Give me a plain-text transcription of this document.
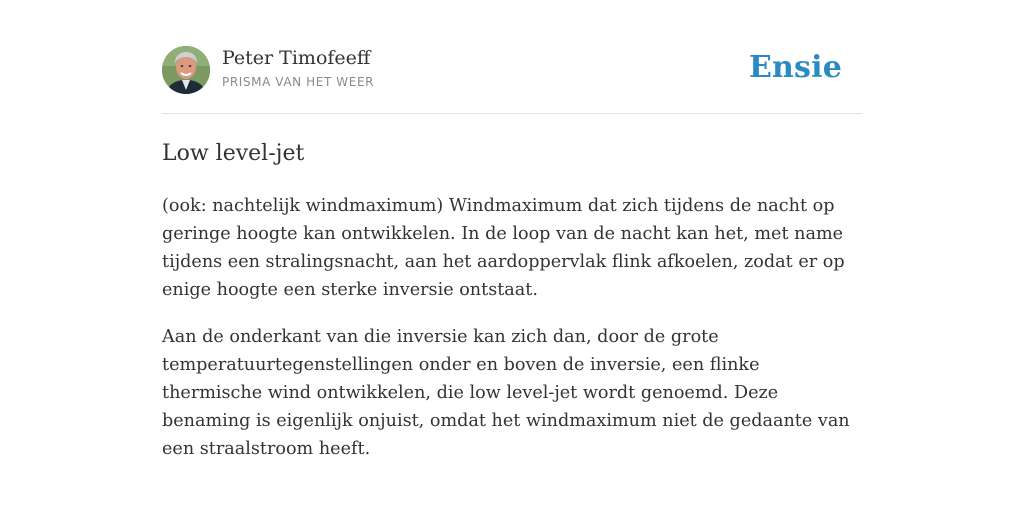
Peter Timofeeff
PRISMA VAN HET WEER	Ensie
Low level-jet

(ook: nachtelijk windmaximum) Windmaximum dat zich tijdens de nacht op geringe hoogte kan ontwikkelen. In de loop van de nacht kan het, met name tijdens een stralingsnacht, aan het aardoppervlak flink afkoelen, zodat er op enige hoogte een sterke inversie ontstaat.

Aan de onderkant van die inversie kan zich dan, door de grote temperatuurtegenstellingen onder en boven de inversie, een flinke thermische wind ontwikkelen, die low level-jet wordt genoemd. Deze benaming is eigenlijk onjuist, omdat het windmaximum niet de gedaante van een straalstroom heeft.
